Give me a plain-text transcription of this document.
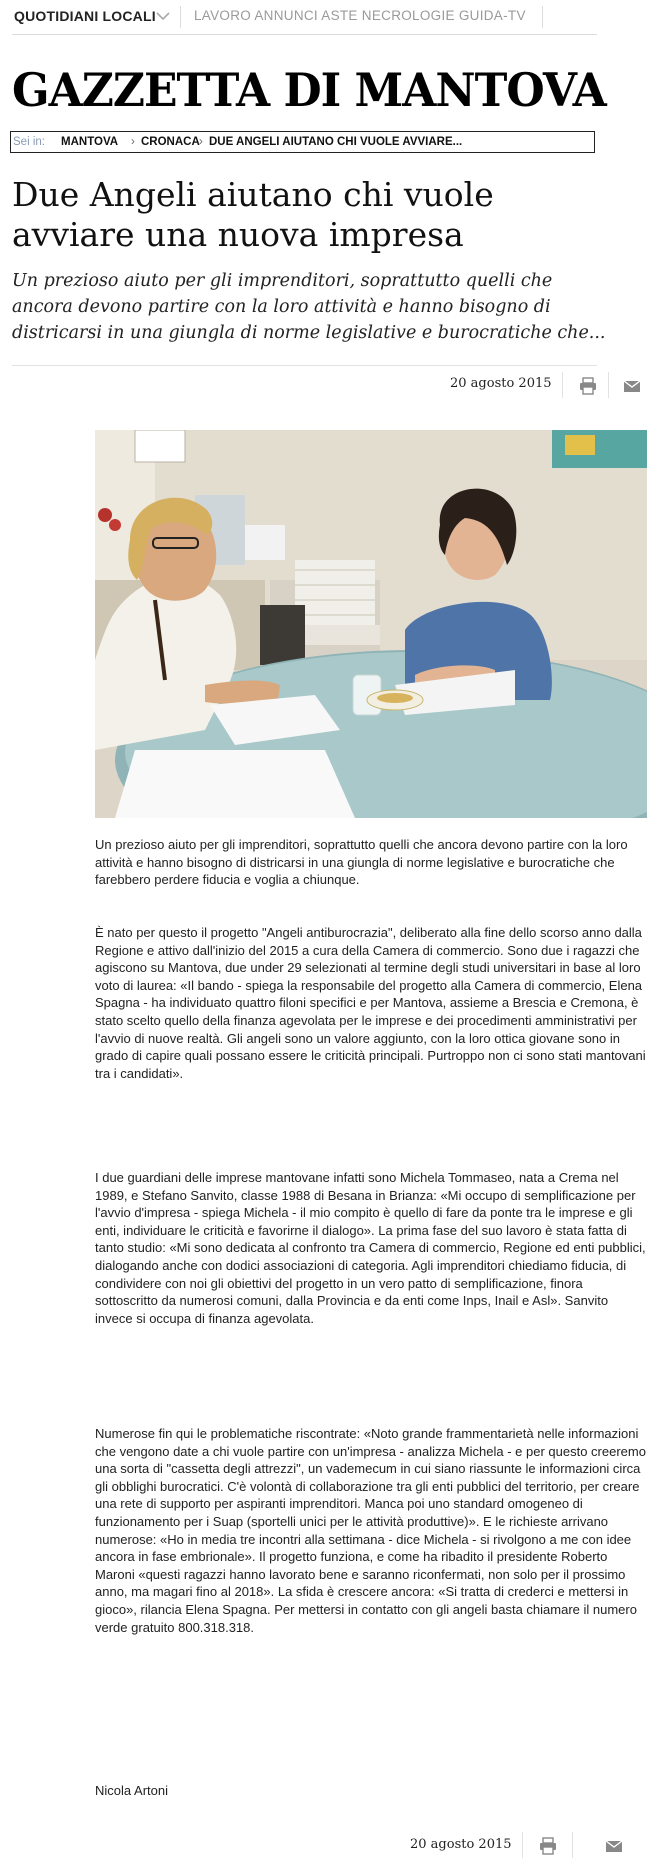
QUOTIDIANI LOCALI	LAVORO ANNUNCI ASTE NECROLOGIE GUIDA-TV
GAZZETTA DI MANTOVA
Sei in: MANTOVA › CRONACA › DUE ANGELI AIUTANO CHI VUOLE AVVIARE...
Due Angeli aiutano chi vuole avviare una nuova impresa
Un prezioso aiuto per gli imprenditori, soprattutto quelli che ancora devono partire con la loro attività e hanno bisogno di districarsi in una giungla di norme legislative e burocratiche che...
20 agosto 2015

Un prezioso aiuto per gli imprenditori, soprattutto quelli che ancora devono partire con la loro attività e hanno bisogno di districarsi in una giungla di norme legislative e burocratiche che farebbero perdere fiducia e voglia a chiunque.

È nato per questo il progetto "Angeli antiburocrazia", deliberato alla fine dello scorso anno dalla Regione e attivo dall'inizio del 2015 a cura della Camera di commercio. Sono due i ragazzi che agiscono su Mantova, due under 29 selezionati al termine degli studi universitari in base al loro voto di laurea: «Il bando - spiega la responsabile del progetto alla Camera di commercio, Elena Spagna - ha individuato quattro filoni specifici e per Mantova, assieme a Brescia e Cremona, è stato scelto quello della finanza agevolata per le imprese e dei procedimenti amministrativi per l'avvio di nuove realtà. Gli angeli sono un valore aggiunto, con la loro ottica giovane sono in grado di capire quali possano essere le criticità principali. Purtroppo non ci sono stati mantovani tra i candidati».

I due guardiani delle imprese mantovane infatti sono Michela Tommaseo, nata a Crema nel 1989, e Stefano Sanvito, classe 1988 di Besana in Brianza: «Mi occupo di semplificazione per l'avvio d'impresa - spiega Michela - il mio compito è quello di fare da ponte tra le imprese e gli enti, individuare le criticità e favorirne il dialogo». La prima fase del suo lavoro è stata fatta di tanto studio: «Mi sono dedicata al confronto tra Camera di commercio, Regione ed enti pubblici, dialogando anche con dodici associazioni di categoria. Agli imprenditori chiediamo fiducia, di condividere con noi gli obiettivi del progetto in un vero patto di semplificazione, finora sottoscritto da numerosi comuni, dalla Provincia e da enti come Inps, Inail e Asl». Sanvito invece si occupa di finanza agevolata.

Numerose fin qui le problematiche riscontrate: «Noto grande frammentarietà nelle informazioni che vengono date a chi vuole partire con un'impresa - analizza Michela - e per questo creeremo una sorta di "cassetta degli attrezzi", un vademecum in cui siano riassunte le informazioni circa gli obblighi burocratici. C'è volontà di collaborazione tra gli enti pubblici del territorio, per creare una rete di supporto per aspiranti imprenditori. Manca poi uno standard omogeneo di funzionamento per i Suap (sportelli unici per le attività produttive)». E le richieste arrivano numerose: «Ho in media tre incontri alla settimana - dice Michela - si rivolgono a me con idee ancora in fase embrionale». Il progetto funziona, e come ha ribadito il presidente Roberto Maroni «questi ragazzi hanno lavorato bene e saranno riconfermati, non solo per il prossimo anno, ma magari fino al 2018». La sfida è crescere ancora: «Si tratta di crederci e mettersi in gioco», rilancia Elena Spagna. Per mettersi in contatto con gli angeli basta chiamare il numero verde gratuito 800.318.318.

Nicola Artoni
20 agosto 2015
